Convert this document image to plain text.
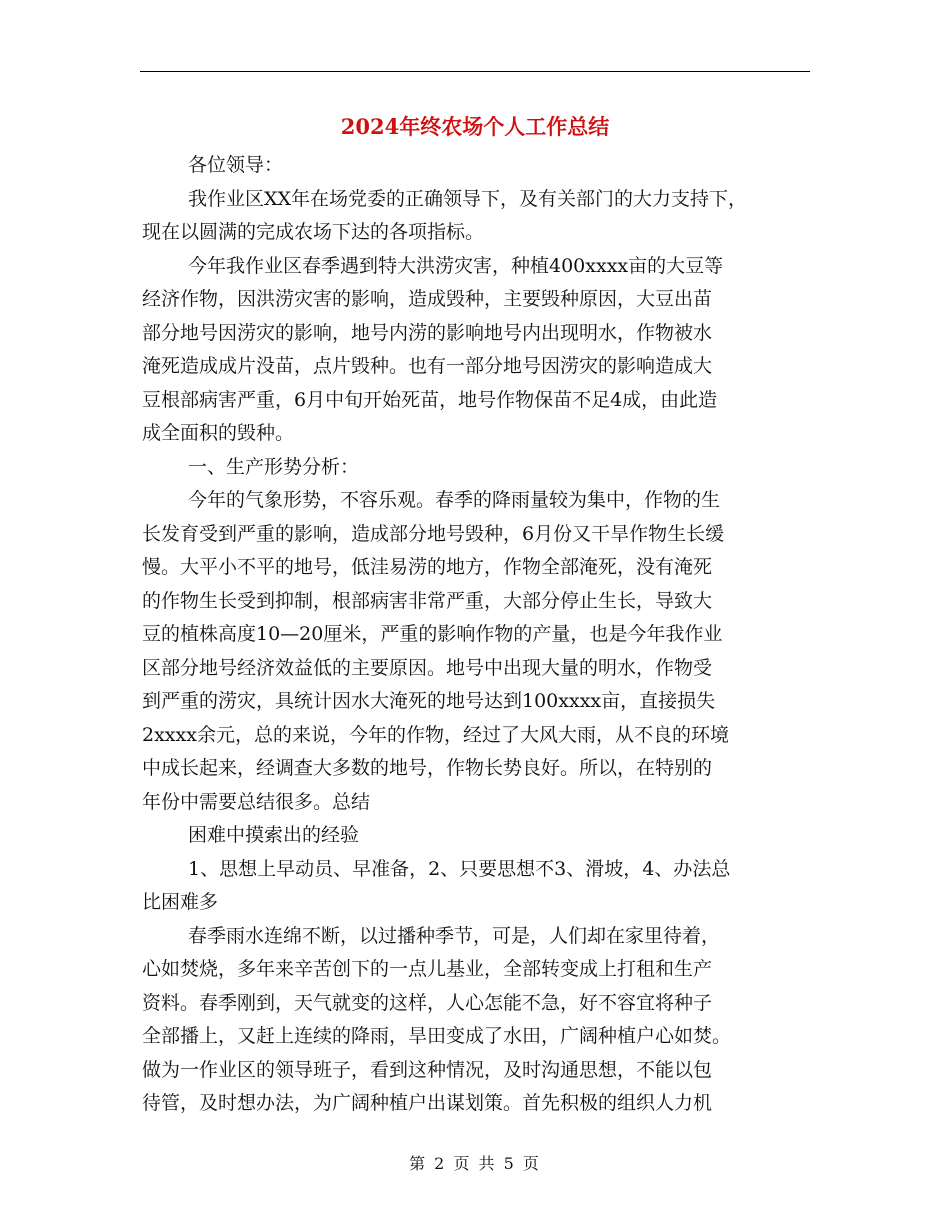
2024年终农场个人工作总结
各位领导：
我作业区XX年在场党委的正确领导下，及有关部门的大力支持下，
现在以圆满的完成农场下达的各项指标。
今年我作业区春季遇到特大洪涝灾害，种植400xxxx亩的大豆等
经济作物，因洪涝灾害的影响，造成毁种，主要毁种原因，大豆出苗
部分地号因涝灾的影响，地号内涝的影响地号内出现明水，作物被水
淹死造成成片没苗，点片毁种。也有一部分地号因涝灾的影响造成大
豆根部病害严重，6月中旬开始死苗，地号作物保苗不足4成，由此造
成全面积的毁种。
一、生产形势分析：
今年的气象形势，不容乐观。春季的降雨量较为集中，作物的生
长发育受到严重的影响，造成部分地号毁种，6月份又干旱作物生长缓
慢。大平小不平的地号，低洼易涝的地方，作物全部淹死，没有淹死
的作物生长受到抑制，根部病害非常严重，大部分停止生长，导致大
豆的植株高度10—20厘米，严重的影响作物的产量，也是今年我作业
区部分地号经济效益低的主要原因。地号中出现大量的明水，作物受
到严重的涝灾，具统计因水大淹死的地号达到100xxxx亩，直接损失
2xxxx余元，总的来说，今年的作物，经过了大风大雨，从不良的环境
中成长起来，经调查大多数的地号，作物长势良好。所以，在特别的
年份中需要总结很多。总结
困难中摸索出的经验
1、思想上早动员、早准备，2、只要思想不3、滑坡，4、办法总
比困难多
春季雨水连绵不断，以过播种季节，可是，人们却在家里待着，
心如焚烧，多年来辛苦创下的一点儿基业，全部转变成上打租和生产
资料。春季刚到，天气就变的这样，人心怎能不急，好不容宜将种子
全部播上，又赶上连续的降雨，旱田变成了水田，广阔种植户心如焚。
做为一作业区的领导班子，看到这种情况，及时沟通思想，不能以包
待管，及时想办法，为广阔种植户出谋划策。首先积极的组织人力机
第 2 页 共 5 页
